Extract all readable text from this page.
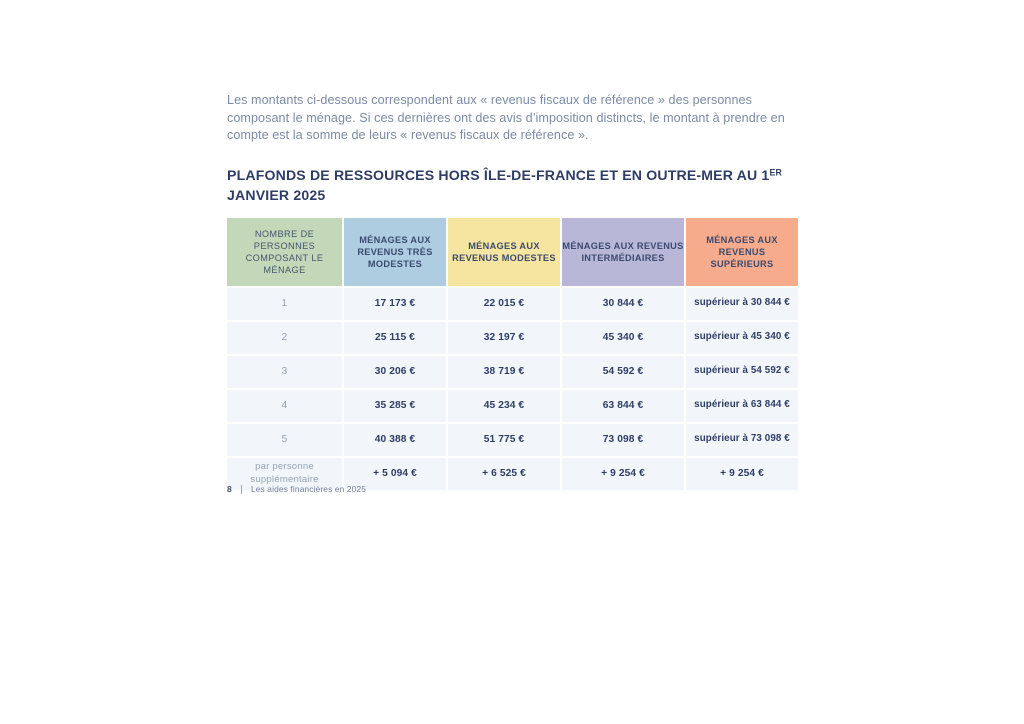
Les montants ci-dessous correspondent aux « revenus fiscaux de référence » des personnes composant le ménage. Si ces dernières ont des avis d’imposition distincts, le montant à prendre en compte est la somme de leurs « revenus fiscaux de référence ».

PLAFONDS DE RESSOURCES HORS ÎLE-DE-FRANCE ET EN OUTRE-MER AU 1ER JANVIER 2025
NOMBRE DE PERSONNES COMPOSANT LE MÉNAGE	MÉNAGES AUX REVENUS TRÈS MODESTES	MÉNAGES AUX REVENUS MODESTES	MÉNAGES AUX REVENUS INTERMÉDIAIRES	MÉNAGES AUX REVENUS SUPÉRIEURS
1	17 173 €	22 015 €	30 844 €	supérieur à 30 844 €
2	25 115 €	32 197 €	45 340 €	supérieur à 45 340 €
3	30 206 €	38 719 €	54 592 €	supérieur à 54 592 €
4	35 285 €	45 234 €	63 844 €	supérieur à 63 844 €
5	40 388 €	51 775 €	73 098 €	supérieur à 73 098 €
par personne supplémentaire	+ 5 094 €	+ 6 525 €	+ 9 254 €	+ 9 254 €
8 Les aides financières en 2025
